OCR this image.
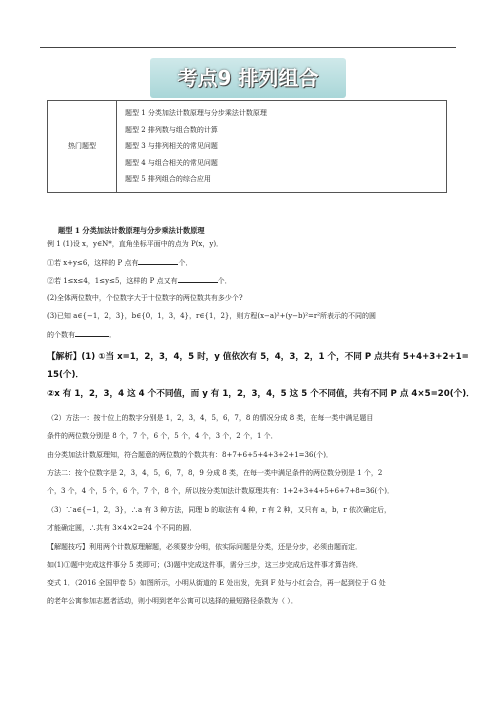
考点9 排列组合
热门题型	
题型 1 分类加法计数原理与分步乘法计数原理
题型 2 排列数与组合数的计算
题型 3 与排列相关的常见问题
题型 4 与组合相关的常见问题
题型 5 排列组合的综合应用
题型 1 分类加法计数原理与分步乘法计数原理
例 1 (1)设 x，y∈N*，直角坐标平面中的点为 P(x，y)．
①若 x+y≤6，这样的 P 点有	个．
②若 1≤x≤4，1≤y≤5，这样的 P 点又有	个．
(2)全体两位数中，个位数字大于十位数字的两位数共有多少个?
(3)已知 a∈{−1，2，3}，b∈{0，1，3，4}，r∈{1，2}，则方程(x−a)²+(y−b)²=r²所表示的不同的圆
的个数有	．
【解析】(1) ①当 x=1，2，3，4，5 时，y 值依次有 5，4，3，2，1 个，不同 P 点共有 5+4+3+2+1=
15(个)．
②x 有 1，2，3，4 这 4 个不同值，而 y 有 1，2，3，4，5 这 5 个不同值，共有不同 P 点 4×5=20(个)．
（2）方法一：按十位上的数字分别是 1，2，3，4，5，6，7，8 的情况分成 8 类，在每一类中满足题目
条件的两位数分别是 8 个，7 个，6 个，5 个，4 个，3 个，2 个，1 个．
由分类加法计数原理知，符合题意的两位数的个数共有：8+7+6+5+4+3+2+1=36(个)．
方法二：按个位数字是 2，3，4，5，6，7，8，9 分成 8 类，在每一类中满足条件的两位数分别是 1 个，2
个，3 个，4 个，5 个，6 个，7 个，8 个，所以按分类加法计数原理共有：1+2+3+4+5+6+7+8=36(个)．
（3）∵a∈{−1，2，3}，∴a 有 3 种方法，同理 b 的取法有 4 种，r 有 2 种，又只有 a，b，r 依次确定后，
才能确定圆，∴共有 3×4×2=24 个不同的圆．
【解题技巧】利用两个计数原理解题，必须要步分明，依实际问题是分类，还是分步，必须由题而定．
如(1)①题中完成这件事分 5 类即可；(3)题中完成这件事，需分三步，这三步完成后这件事才算告终．
变式 1．（2016 全国甲卷 5）如图所示，小明从街道的 E 处出发，先到 F 处与小红会合，再一起到位于 G 处
的老年公寓参加志愿者活动，则小明到老年公寓可以选择的最短路径条数为（ ）．
